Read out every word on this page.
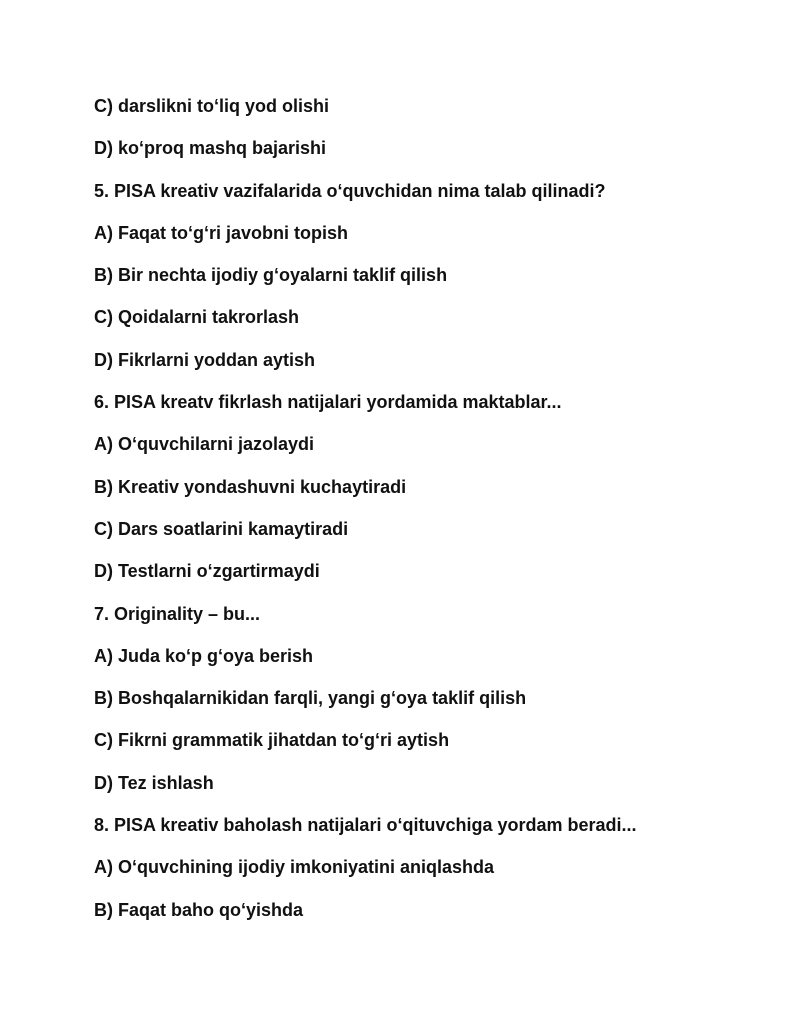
C) darslikni to‘liq yod olishi
D) ko‘proq mashq bajarishi
5. PISA kreativ vazifalarida o‘quvchidan nima talab qilinadi?
A) Faqat to‘g‘ri javobni topish
B) Bir nechta ijodiy g‘oyalarni taklif qilish
C) Qoidalarni takrorlash
D) Fikrlarni yoddan aytish
6. PISA kreatv fikrlash natijalari yordamida maktablar...
A) O‘quvchilarni jazolaydi
B) Kreativ yondashuvni kuchaytiradi
C) Dars soatlarini kamaytiradi
D) Testlarni o‘zgartirmaydi
7. Originality – bu...
A) Juda ko‘p g‘oya berish
B) Boshqalarnikidan farqli, yangi g‘oya taklif qilish
C) Fikrni grammatik jihatdan to‘g‘ri aytish
D) Tez ishlash
8. PISA kreativ baholash natijalari o‘qituvchiga yordam beradi...
A) O‘quvchining ijodiy imkoniyatini aniqlashda
B) Faqat baho qo‘yishda
